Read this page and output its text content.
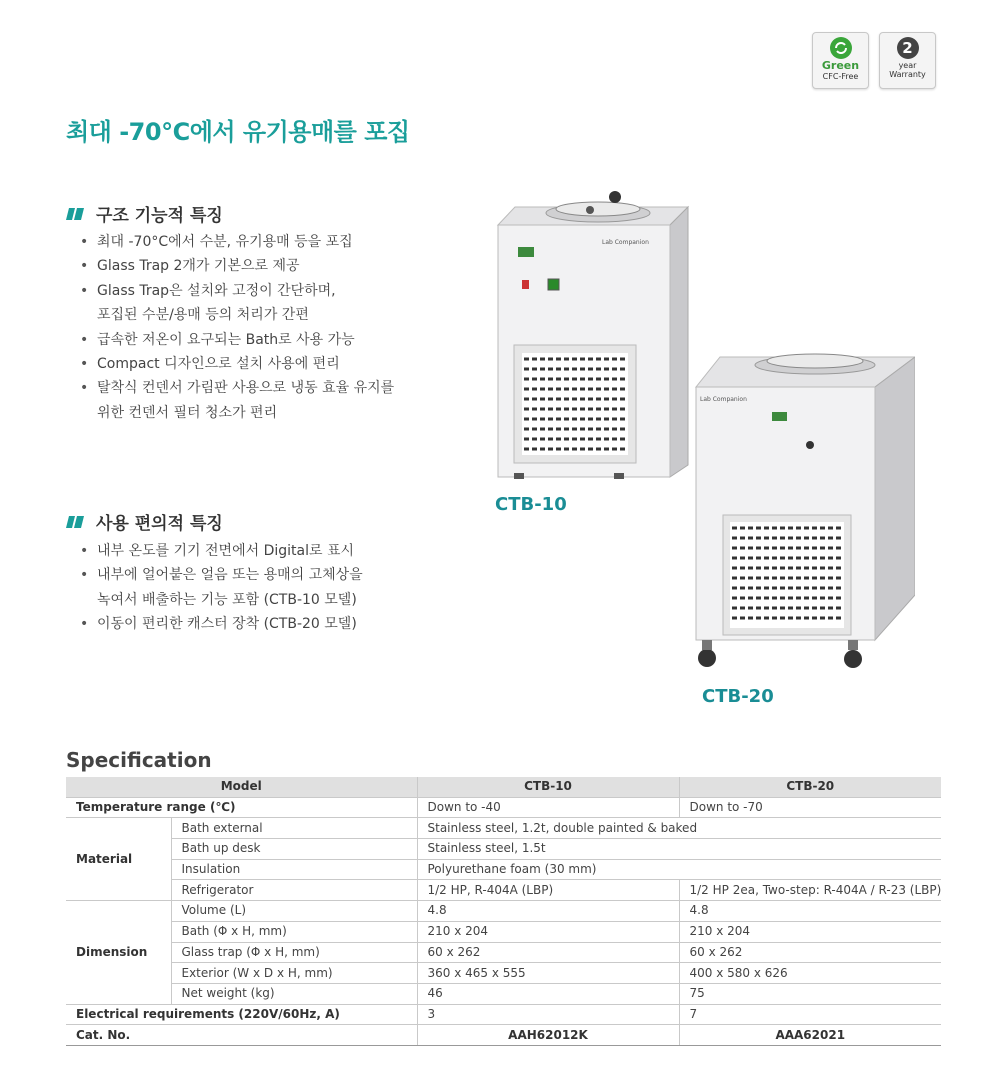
Green
CFC-Free
2
year
Warranty
최대 -70°C에서 유기용매를 포집
구조 기능적 특징
• 최대 -70°C에서 수분, 유기용매 등을 포집
• Glass Trap 2개가 기본으로 제공
• Glass Trap은 설치와 고정이 간단하며,
포집된 수분/용매 등의 처리가 간편
• 급속한 저온이 요구되는 Bath로 사용 가능
• Compact 디자인으로 설치 사용에 편리
• 탈착식 컨덴서 가림판 사용으로 냉동 효율 유지를
위한 컨덴서 필터 청소가 편리
사용 편의적 특징
• 내부 온도를 기기 전면에서 Digital로 표시
• 내부에 얼어붙은 얼음 또는 용매의 고체상을
녹여서 배출하는 기능 포함 (CTB-10 모델)
• 이동이 편리한 캐스터 장착 (CTB-20 모델)
Lab Companion
Lab Companion
CTB-10
CTB-20
Specification
Model		CTB-10	CTB-20
Temperature range (℃)		Down to -40	Down to -70
Material	Bath external	Stainless steel, 1.2t, double painted & baked	
	Bath up desk	Stainless steel, 1.5t	
	Insulation	Polyurethane foam (30 mm)	
	Refrigerator	1/2 HP, R-404A (LBP)	1/2 HP 2ea, Two-step: R-404A / R-23 (LBP)
Dimension	Volume (L)	4.8	4.8
	Bath (Φ x H, mm)	210 x 204	210 x 204
	Glass trap (Φ x H, mm)	60 x 262	60 x 262
	Exterior (W x D x H, mm)	360 x 465 x 555	400 x 580 x 626
	Net weight (kg)	46	75
Electrical requirements (220V/60Hz, A)		3	7
Cat. No.		AAH62012K	AAA62021
